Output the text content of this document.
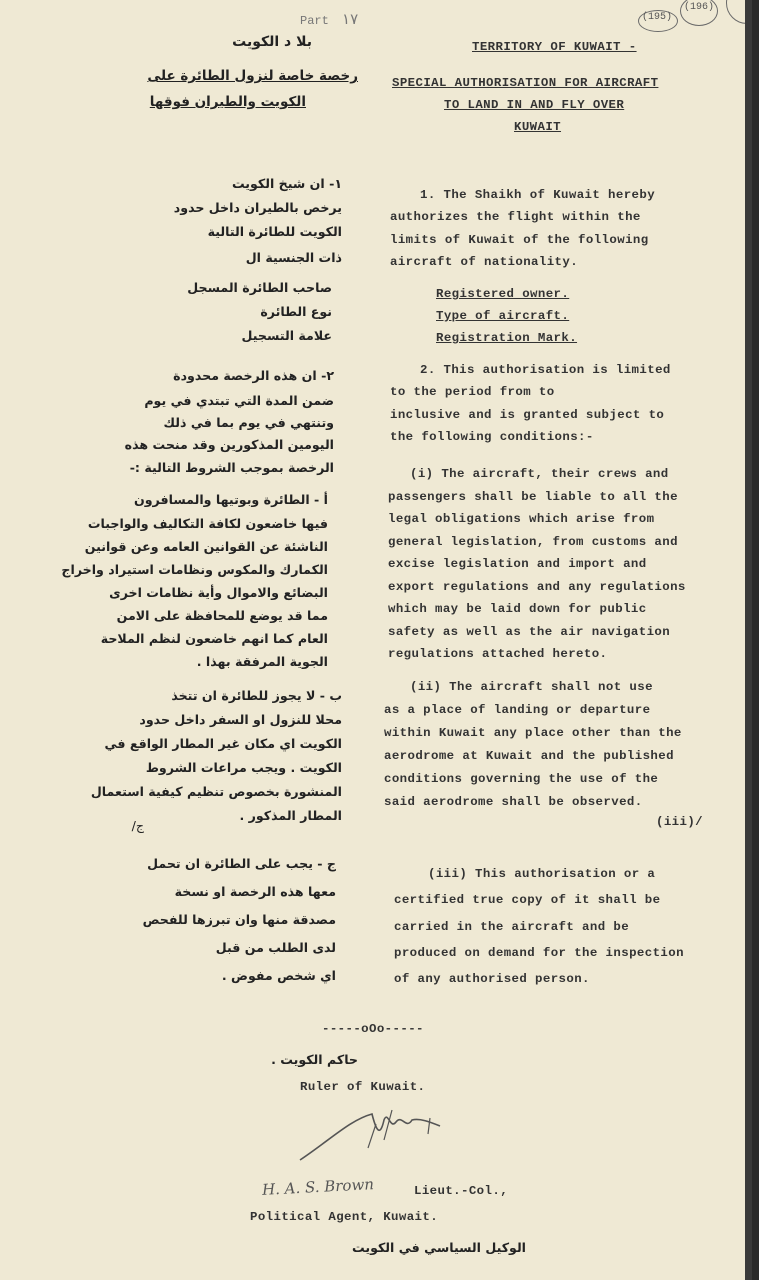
Part ١٧	(195)
(196)
TERRITORY OF KUWAIT -
SPECIAL AUTHORISATION FOR AIRCRAFT
TO LAND IN AND FLY OVER
KUWAIT
بلا د الكويت
رخصة خاصة لنزول الطائرة على
الكويت والطيران فوقها
1. The Shaikh of Kuwait hereby
authorizes the flight within the
limits of Kuwait of the following
aircraft of nationality.
Registered owner.
Type of aircraft.
Registration Mark.
2. This authorisation is limited
to the period from to
inclusive and is granted subject to
the following conditions:-
(i) The aircraft, their crews and
passengers shall be liable to all the
legal obligations which arise from
general legislation, from customs and
excise legislation and import and
export regulations and any regulations
which may be laid down for public
safety as well as the air navigation
regulations attached hereto.
(ii) The aircraft shall not use
as a place of landing or departure
within Kuwait any place other than the
aerodrome at Kuwait and the published
conditions governing the use of the
said aerodrome shall be observed.
(iii)/
(iii) This authorisation or a
certified true copy of it shall be
carried in the aircraft and be
produced on demand for the inspection
of any authorised person.
١- ان شيخ الكويت
يرخص بالطيران داخل حدود
الكويت للطائرة التالية
ذات الجنسية ال
صاحب الطائرة المسجل
نوع الطائرة
علامة التسجيل
٢- ان هذه الرخصة محدودة
ضمن المدة التي تبتدي في يوم
وتنتهي في يوم بما في ذلك
اليومين المذكورين وقد منحت هذه
الرخصة بموجب الشروط التالية :-
أ - الطائرة وبوتيها والمسافرون
فيها خاضعون لكافة التكاليف والواجبات
الناشئة عن القوانين العامه وعن قوانين
الكمارك والمكوس ونظامات استيراد واخراج
البضائع والاموال وأية نظامات اخرى
مما قد يوضع للمحافظة على الامن
العام كما انهم خاضعون لنظم الملاحة
الجوية المرفقة بهذا .
ب - لا يجوز للطائرة ان تتخذ
محلا للنزول او السفر داخل حدود
الكويت اي مكان غير المطار الواقع في
الكويت . ويجب مراعات الشروط
المنشورة بخصوص تنظيم كيفية استعمال
المطار المذكور .
ج/
ج - يجب على الطائرة ان تحمل
معها هذه الرخصة او نسخة
مصدقة منها وان تبرزها للفحص
لدى الطلب من قبل
اي شخص مفوض .
-----oOo-----
حاكم الكويت .
Ruler of Kuwait.
H. A. S. Brown	Lieut.-Col.,
Political Agent, Kuwait.
الوكيل السياسي في الكويت
